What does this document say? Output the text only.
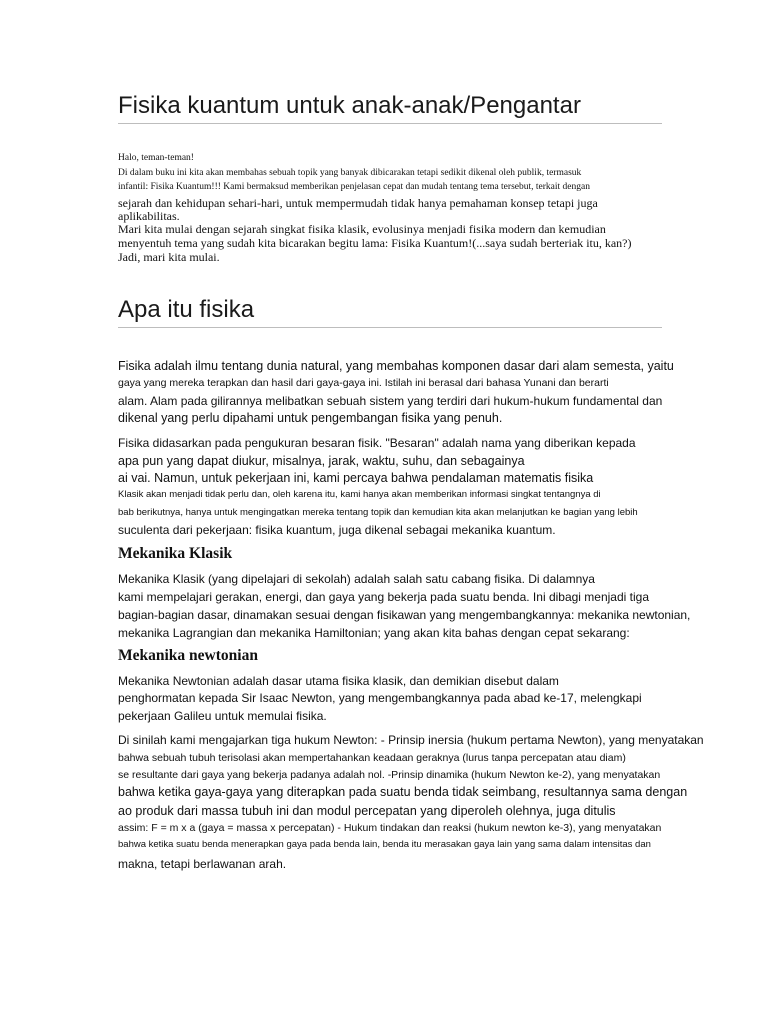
Fisika kuantum untuk anak-anak/Pengantar

Halo, teman-teman!

Di dalam buku ini kita akan membahas sebuah topik yang banyak dibicarakan tetapi sedikit dikenal oleh publik, termasuk

infantil: Fisika Kuantum!!! Kami bermaksud memberikan penjelasan cepat dan mudah tentang tema tersebut, terkait dengan

sejarah dan kehidupan sehari-hari, untuk mempermudah tidak hanya pemahaman konsep tetapi juga

aplikabilitas.

Mari kita mulai dengan sejarah singkat fisika klasik, evolusinya menjadi fisika modern dan kemudian

menyentuh tema yang sudah kita bicarakan begitu lama: Fisika Kuantum!(...saya sudah berteriak itu, kan?)

Jadi, mari kita mulai.

Apa itu fisika

Fisika adalah ilmu tentang dunia natural, yang membahas komponen dasar dari alam semesta, yaitu

gaya yang mereka terapkan dan hasil dari gaya-gaya ini. Istilah ini berasal dari bahasa Yunani dan berarti

alam. Alam pada gilirannya melibatkan sebuah sistem yang terdiri dari hukum-hukum fundamental dan

dikenal yang perlu dipahami untuk pengembangan fisika yang penuh.

Fisika didasarkan pada pengukuran besaran fisik. "Besaran" adalah nama yang diberikan kepada

apa pun yang dapat diukur, misalnya, jarak, waktu, suhu, dan sebagainya

ai vai. Namun, untuk pekerjaan ini, kami percaya bahwa pendalaman matematis fisika

Klasik akan menjadi tidak perlu dan, oleh karena itu, kami hanya akan memberikan informasi singkat tentangnya di

bab berikutnya, hanya untuk mengingatkan mereka tentang topik dan kemudian kita akan melanjutkan ke bagian yang lebih

suculenta dari pekerjaan: fisika kuantum, juga dikenal sebagai mekanika kuantum.

Mekanika Klasik

Mekanika Klasik (yang dipelajari di sekolah) adalah salah satu cabang fisika. Di dalamnya

kami mempelajari gerakan, energi, dan gaya yang bekerja pada suatu benda. Ini dibagi menjadi tiga

bagian-bagian dasar, dinamakan sesuai dengan fisikawan yang mengembangkannya: mekanika newtonian,

mekanika Lagrangian dan mekanika Hamiltonian; yang akan kita bahas dengan cepat sekarang:

Mekanika newtonian

Mekanika Newtonian adalah dasar utama fisika klasik, dan demikian disebut dalam

penghormatan kepada Sir Isaac Newton, yang mengembangkannya pada abad ke-17, melengkapi

pekerjaan Galileu untuk memulai fisika.

Di sinilah kami mengajarkan tiga hukum Newton: - Prinsip inersia (hukum pertama Newton), yang menyatakan

bahwa sebuah tubuh terisolasi akan mempertahankan keadaan geraknya (lurus tanpa percepatan atau diam)

se resultante dari gaya yang bekerja padanya adalah nol. -Prinsip dinamika (hukum Newton ke-2), yang menyatakan

bahwa ketika gaya-gaya yang diterapkan pada suatu benda tidak seimbang, resultannya sama dengan

ao produk dari massa tubuh ini dan modul percepatan yang diperoleh olehnya, juga ditulis

assim: F = m x a (gaya = massa x percepatan) - Hukum tindakan dan reaksi (hukum newton ke-3), yang menyatakan

bahwa ketika suatu benda menerapkan gaya pada benda lain, benda itu merasakan gaya lain yang sama dalam intensitas dan

makna, tetapi berlawanan arah.
